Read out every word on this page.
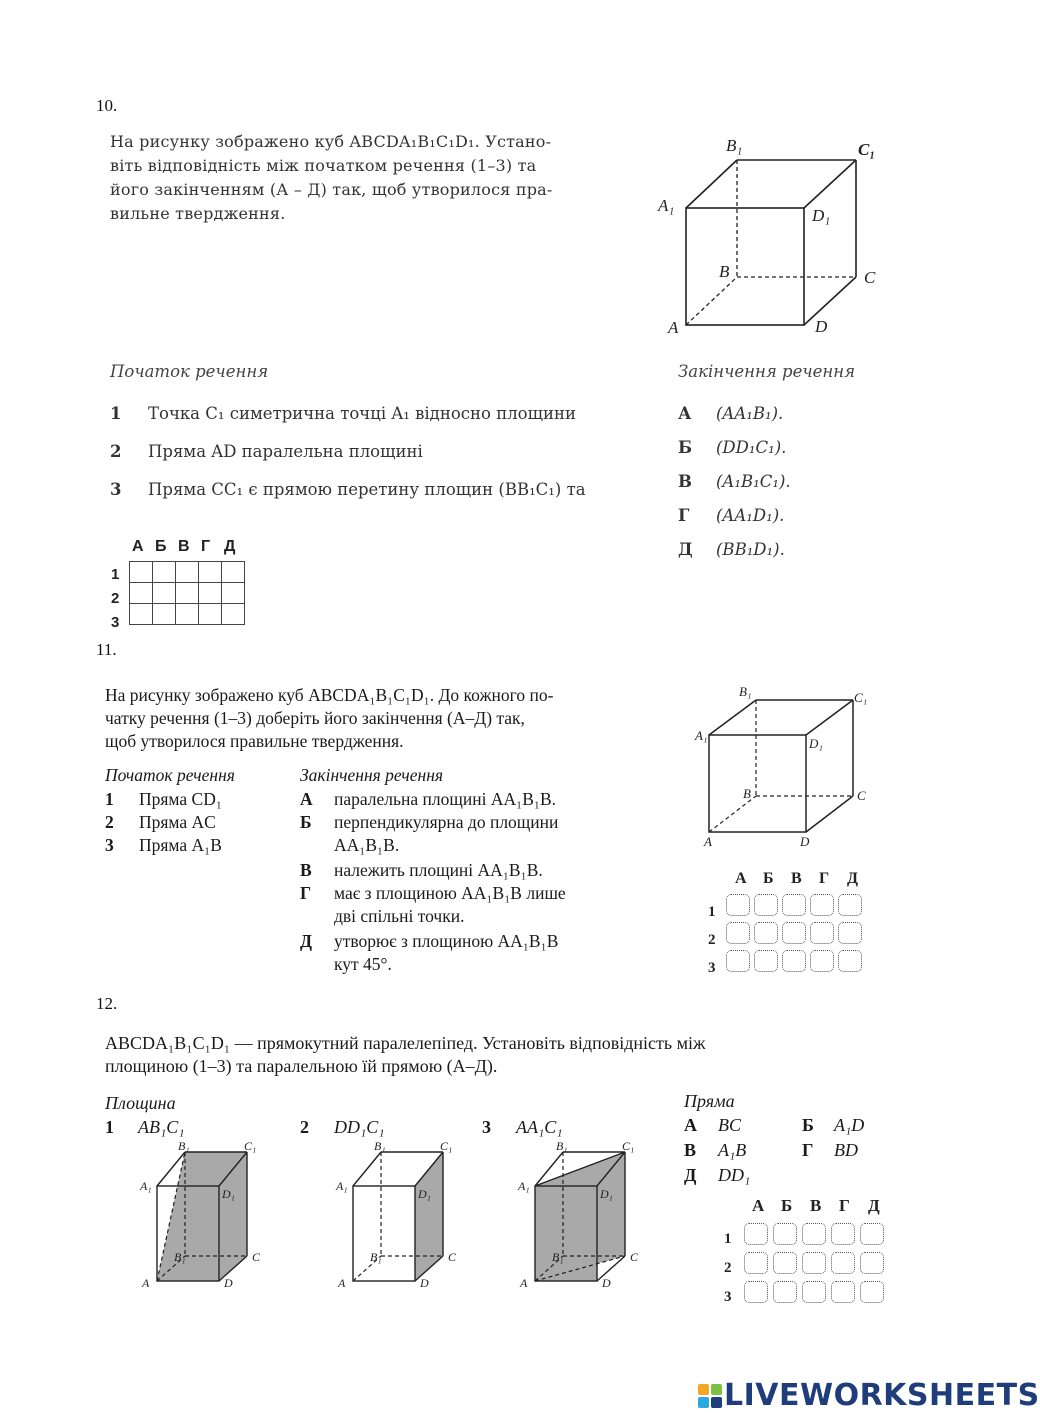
10.
На рисунку зображено куб ABCDA₁B₁C₁D₁. Устано-
віть відповідність між початком речення (1–3) та
його закінченням (А – Д) так, щоб утворилося пра-
вильне твердження.
A
B	C
D
A₁
B₁	C₁
D₁
Початок речення	Закінчення речення
1 Точка C₁ симетрична точці A₁ відносно площини
2 Пряма AD паралельна площині
3 Пряма CC₁ є прямою перетину площин (BB₁C₁) та
А (AA₁B₁).
Б (DD₁C₁).
В (A₁B₁C₁).
Г (AA₁D₁).
Д (BB₁D₁).
А Б В Г Д
1
2
3

11.
На рисунку зображено куб ABCDA₁B₁C₁D₁. До кожного по-
чатку речення (1–3) доберіть його закінчення (А–Д) так,
щоб утворилося правильне твердження.
Початок речення	Закінчення речення
1 Пряма CD₁
2 Пряма AC
3 Пряма A₁B
А паралельна площині AA₁B₁B.
Б перпендикулярна до площини
AA₁B₁B.
В належить площині AA₁B₁B.
Г має з площиною AA₁B₁B лише
дві спільні точки.
Д утворює з площиною AA₁B₁B
кут 45°.
A
B	C
D
A₁
B₁	C₁
D₁
А Б В Г Д
1
2
3
12.
ABCDA₁B₁C₁D₁ — прямокутний паралелепіпед. Установіть відповідність між
площиною (1–3) та паралельною їй прямою (А–Д).
Площина
1 AB₁C₁	2 DD₁C₁	3 AA₁C₁
Пряма
А BC	Б A₁D
В A₁B	Г BD
Д DD₁
A
B₁	C
D
A₁
B₁	C₁
D₁
A
B₁	C
D
A₁
B₁	C₁
D₁
A
B₁	C
D
A₁
B₁	C₁
D₁
А Б В Г Д
1
2
3
LIVEWORKSHEETS
